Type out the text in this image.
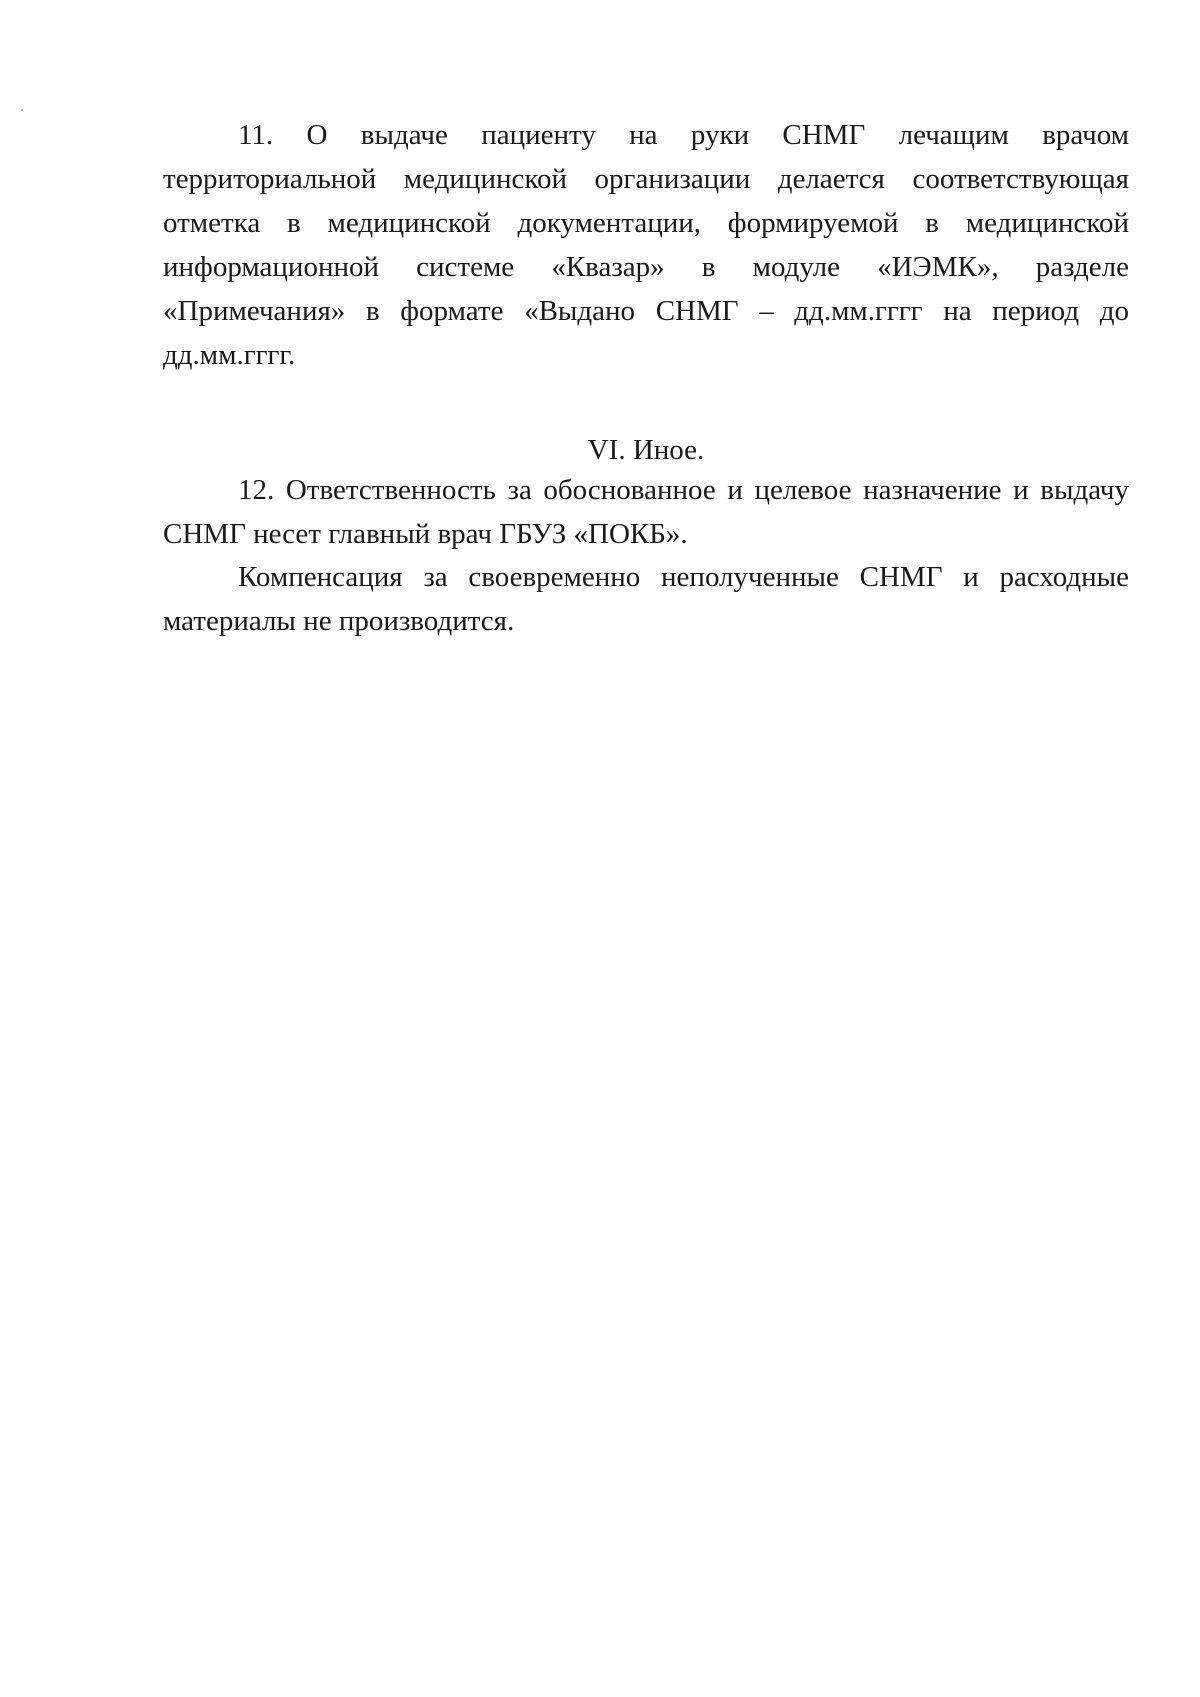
11. О выдаче пациенту на руки СНМГ лечащим врачом территориальной медицинской организации делается соответствующая отметка в медицинской документации, формируемой в медицинской информационной системе «Квазар» в модуле «ИЭМК», разделе «Примечания» в формате «Выдано СНМГ – дд.мм.гггг на период до дд.мм.гггг.

VI. Иное.

12. Ответственность за обоснованное и целевое назначение и выдачу СНМГ несет главный врач ГБУЗ «ПОКБ».

Компенсация за своевременно неполученные СНМГ и расходные материалы не производится.
